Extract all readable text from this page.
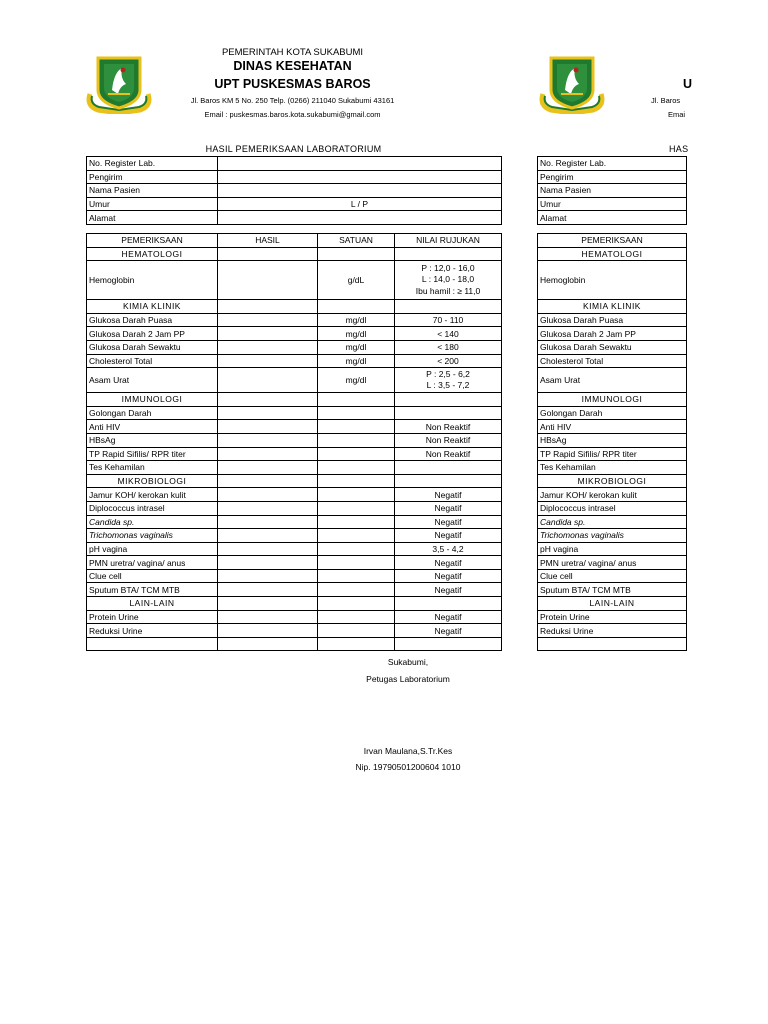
PEMERINTAH KOTA SUKABUMI
DINAS KESEHATAN
UPT PUSKESMAS BAROS
Jl. Baros KM 5 No. 250 Telp. (0266) 211040 Sukabumi 43161
Email : puskesmas.baros.kota.sukabumi@gmail.com
HASIL PEMERIKSAAN LABORATORIUM
No. Register Lab.	
Pengirim	
Nama Pasien	
Umur	L / P
Alamat	
PEMERIKSAAN	HASIL	SATUAN	NILAI RUJUKAN
HEMATOLOGI			
Hemoglobin		g/dL	P : 12,0 - 16,0
L : 14,0 - 18,0
Ibu hamil : ≥ 11,0

KIMIA KLINIK			
Glukosa Darah Puasa		mg/dl	70 - 110
Glukosa Darah 2 Jam PP		mg/dl	< 140
Glukosa Darah Sewaktu		mg/dl	< 180
Cholesterol Total		mg/dl	< 200
Asam Urat		mg/dl	P : 2,5 - 6,2
L : 3,5 - 7,2

IMMUNOLOGI			
Golongan Darah			
Anti HIV			Non Reaktif
HBsAg			Non Reaktif
TP Rapid Sifilis/ RPR titer			Non Reaktif
Tes Kehamilan			
MIKROBIOLOGI			
Jamur KOH/ kerokan kulit			Negatif
Diplococcus intrasel			Negatif
Candida sp.			Negatif
Trichomonas vaginalis			Negatif
pH vagina			3,5 - 4,2
PMN uretra/ vagina/ anus			Negatif
Clue cell			Negatif
Sputum BTA/ TCM MTB			Negatif
LAIN-LAIN			
Protein Urine			Negatif
Reduksi Urine			Negatif

Sukabumi,
Petugas Laboratorium
Irvan Maulana,S.Tr.Kes
Nip. 19790501200604 1010
U
Jl. Baros
Emai
HAS
No. Register Lab.
Pengirim
Nama Pasien
Umur
Alamat
PEMERIKSAAN
HEMATOLOGI
Hemoglobin
KIMIA KLINIK
Glukosa Darah Puasa
Glukosa Darah 2 Jam PP
Glukosa Darah Sewaktu
Cholesterol Total
Asam Urat
IMMUNOLOGI
Golongan Darah
Anti HIV
HBsAg
TP Rapid Sifilis/ RPR titer
Tes Kehamilan
MIKROBIOLOGI
Jamur KOH/ kerokan kulit
Diplococcus intrasel
Candida sp.
Trichomonas vaginalis
pH vagina
PMN uretra/ vagina/ anus
Clue cell
Sputum BTA/ TCM MTB
LAIN-LAIN
Protein Urine
Reduksi Urine
